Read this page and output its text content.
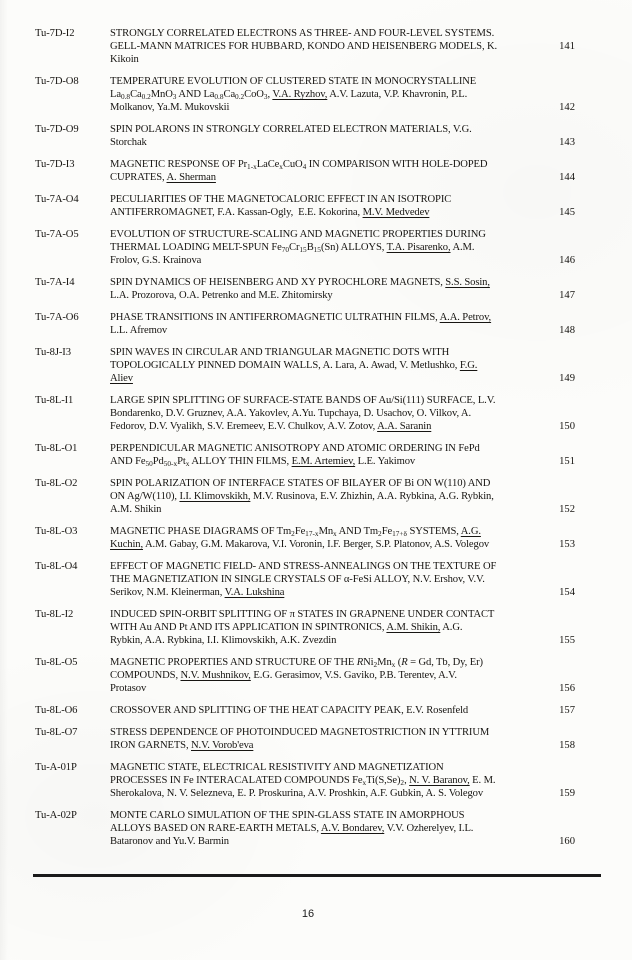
Tu-7D-I2	STRONGLY CORRELATED ELECTRONS AS THREE- AND FOUR-LEVEL SYSTEMS.
GELL-MANN MATRICES FOR HUBBARD, KONDO AND HEISENBERG MODELS, K.
Kikoin
141
Tu-7D-O8	TEMPERATURE EVOLUTION OF CLUSTERED STATE IN MONOCRYSTALLINE
$La_{0.8}Ca_{0.2}MnO_3$ AND $La_{0.8}Ca_{0.2}CoO_3$, V.A. Ryzhov, A.V. Lazuta, V.P. Khavronin, P.L.
Molkanov, Ya.M. Mukovskii	142
Tu-7D-O9	SPIN POLARONS IN STRONGLY CORRELATED ELECTRON MATERIALS, V.G.
Storchak	143
Tu-7D-I3	MAGNETIC RESPONSE OF $Pr_{1-x}LaCe_xCuO_4$ IN COMPARISON WITH HOLE-DOPED
CUPRATES, A. Sherman	144
Tu-7A-O4	PECULIARITIES OF THE MAGNETOCALORIC EFFECT IN AN ISOTROPIC
ANTIFERROMAGNET, F.A. Kassan-Ogly,  E.E. Kokorina, M.V. Medvedev	145
Tu-7A-O5	EVOLUTION OF STRUCTURE-SCALING AND MAGNETIC PROPERTIES DURING
THERMAL LOADING MELT-SPUN $Fe_{70}Cr_{15}B_{15}(Sn)$ ALLOYS, T.A. Pisarenko, A.M.
Frolov, G.S. Krainova	146
Tu-7A-I4	SPIN DYNAMICS OF HEISENBERG AND XY PYROCHLORE MAGNETS, S.S. Sosin,
L.A. Prozorova, O.A. Petrenko and M.E. Zhitomirsky	147
Tu-7A-O6	PHASE TRANSITIONS IN ANTIFERROMAGNETIC ULTRATHIN FILMS, A.A. Petrov,
L.L. Afremov	148
Tu-8J-I3	SPIN WAVES IN CIRCULAR AND TRIANGULAR MAGNETIC DOTS WITH
TOPOLOGICALLY PINNED DOMAIN WALLS, A. Lara, A. Awad, V. Metlushko, F.G.
Aliev	149
Tu-8L-I1	LARGE SPIN SPLITTING OF SURFACE-STATE BANDS OF Au/Si(111) SURFACE, L.V.
Bondarenko, D.V. Gruznev, A.A. Yakovlev, A.Yu. Tupchaya, D. Usachov, O. Vilkov, A.
Fedorov, D.V. Vyalikh, S.V. Eremeev, E.V. Chulkov, A.V. Zotov, A.A. Saranin	150
Tu-8L-O1	PERPENDICULAR MAGNETIC ANISOTROPY AND ATOMIC ORDERING IN FePd
AND $Fe_{50}Pd_{50-x}Pt_x$ ALLOY THIN FILMS, E.M. Artemiev, L.E. Yakimov	151
Tu-8L-O2	SPIN POLARIZATION OF INTERFACE STATES OF BILAYER OF Bi ON W(110) AND
ON Ag/W(110), I.I. Klimovskikh, M.V. Rusinova, E.V. Zhizhin, A.A. Rybkina, A.G. Rybkin,
A.M. Shikin	152
Tu-8L-O3	MAGNETIC PHASE DIAGRAMS OF $Tm_2Fe_{17-x}Mn_x$ AND $Tm_2Fe_{17+\delta}$ SYSTEMS, A.G.
Kuchin, A.M. Gabay, G.M. Makarova, V.I. Voronin, I.F. Berger, S.P. Platonov, A.S. Volegov	153
Tu-8L-O4	EFFECT OF MAGNETIC FIELD- AND STRESS-ANNEALINGS ON THE TEXTURE OF
THE MAGNETIZATION IN SINGLE CRYSTALS OF α-FeSi ALLOY, N.V. Ershov, V.V.
Serikov, N.M. Kleinerman, V.A. Lukshina	154
Tu-8L-I2	INDUCED SPIN-ORBIT SPLITTING OF π STATES IN GRAPNENE UNDER CONTACT
WITH Au AND Pt AND ITS APPLICATION IN SPINTRONICS, A.M. Shikin, A.G.
Rybkin, A.A. Rybkina, I.I. Klimovskikh, A.K. Zvezdin	155
Tu-8L-O5	MAGNETIC PROPERTIES AND STRUCTURE OF THE $RNi_2Mn_x$ (R = Gd, Tb, Dy, Er)
COMPOUNDS, N.V. Mushnikov, E.G. Gerasimov, V.S. Gaviko, P.B. Terentev, A.V.
Protasov	156
Tu-8L-O6	CROSSOVER AND SPLITTING OF THE HEAT CAPACITY PEAK, E.V. Rosenfeld	157
Tu-8L-O7	STRESS DEPENDENCE OF PHOTOINDUCED MAGNETOSTRICTION IN YTTRIUM
IRON GARNETS, N.V. Vorob'eva	158
Tu-A-01P	MAGNETIC STATE, ELECTRICAL RESISTIVITY AND MAGNETIZATION
PROCESSES IN Fe INTERACALATED COMPOUNDS $Fe_xTi(S,Se)_2$, N. V. Baranov, E. M.
Sherokalova, N. V. Selezneva, E. P. Proskurina, A.V. Proshkin, A.F. Gubkin, A. S. Volegov	159
Tu-A-02P	MONTE CARLO SIMULATION OF THE SPIN-GLASS STATE IN AMORPHOUS
ALLOYS BASED ON RARE-EARTH METALS, A.V. Bondarev, V.V. Ozherelyev, I.L.
Bataronov and Yu.V. Barmin	160
16
